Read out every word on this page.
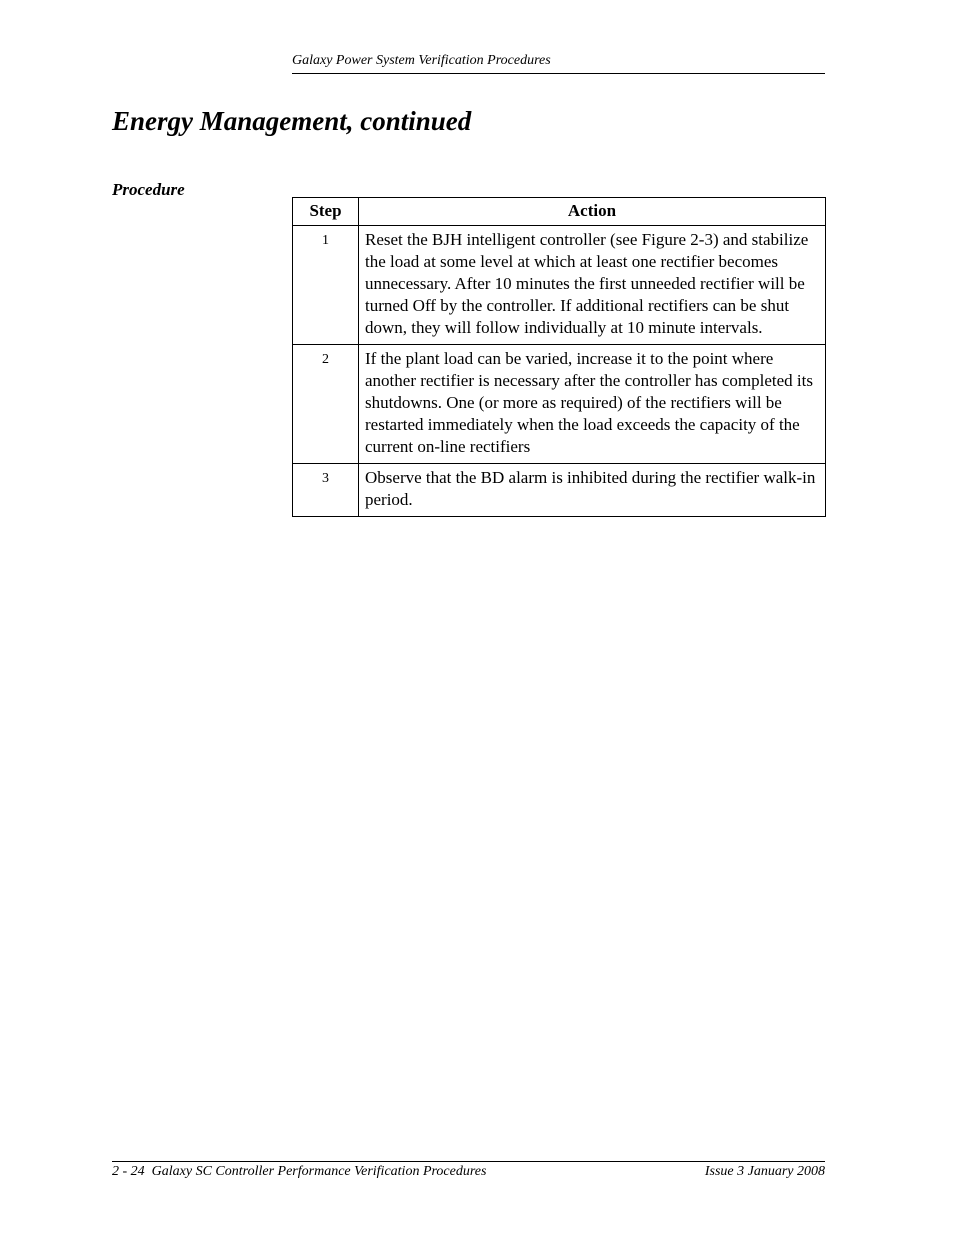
Galaxy Power System Verification Procedures
Energy Management, continued
Procedure
Step	Action
1	Reset the BJH intelligent controller (see Figure 2-3) and stabilize the load at some level at which at least one rectifier becomes unnecessary. After 10 minutes the first unneeded rectifier will be turned Off by the controller. If additional rectifiers can be shut down, they will follow individually at 10 minute intervals.
2	If the plant load can be varied, increase it to the point where another rectifier is necessary after the controller has completed its shutdowns. One (or more as required) of the rectifiers will be restarted immediately when the load exceeds the capacity of the current on-line rectifiers
3	Observe that the BD alarm is inhibited during the rectifier walk-in period.
2 - 24  Galaxy SC Controller Performance Verification Procedures	Issue 3 January 2008
